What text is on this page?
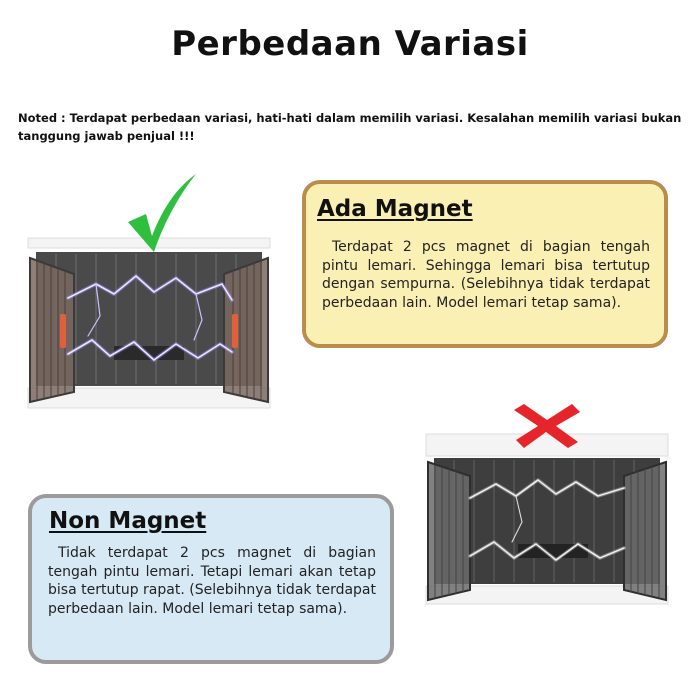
Perbedaan Variasi
Noted : Terdapat perbedaan variasi, hati-hati dalam memilih variasi. Kesalahan memilih variasi bukan tanggung jawab penjual !!!
Ada Magnet

Terdapat 2 pcs magnet di bagian tengah pintu lemari. Sehingga lemari bisa tertutup dengan sempurna. (Selebihnya tidak terdapat perbedaan lain. Model lemari tetap sama).

Non Magnet

Tidak terdapat 2 pcs magnet di bagian tengah pintu lemari. Tetapi lemari akan tetap bisa tertutup rapat. (Selebihnya tidak terdapat perbedaan lain. Model lemari tetap sama).
